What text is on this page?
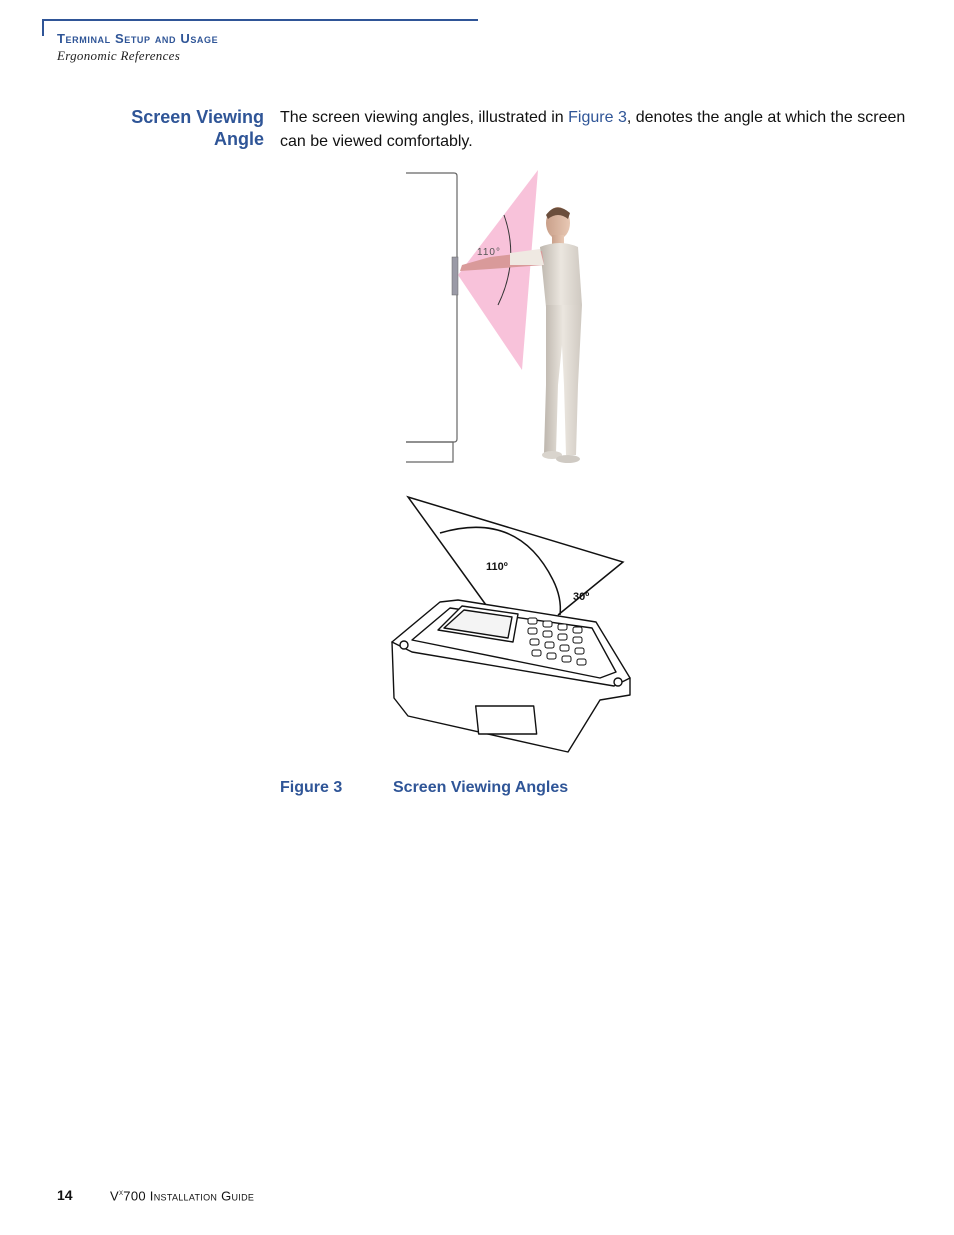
Terminal Setup and Usage
Ergonomic References
Screen Viewing
Angle
The screen viewing angles, illustrated in Figure 3, denotes the angle at which the screen can be viewed comfortably.
110°
110º
30º
Figure 3	Screen Viewing Angles
14	$V^x700$ Installation Guide
